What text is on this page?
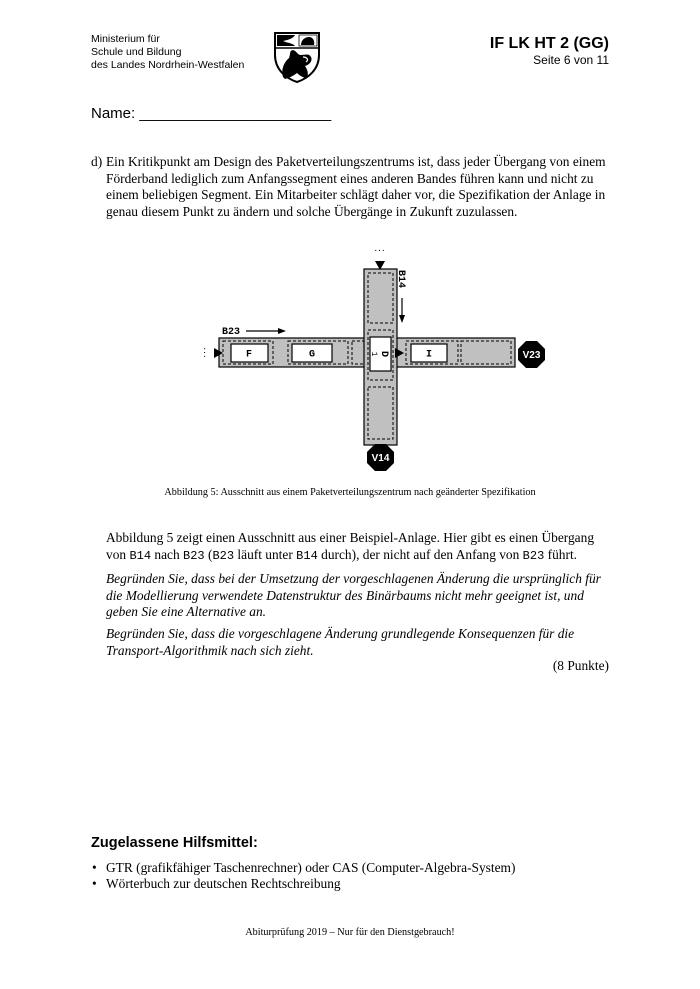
Ministerium für
Schule und Bildung
des Landes Nordrhein-Westfalen
IF LK HT 2 (GG)
Seite 6 von 11
Name: _______________________
d) Ein Kritikpunkt am Design des Paketverteilungszentrums ist, dass jeder Übergang von einem Förderband lediglich zum Anfangssegment eines anderen Bandes führen kann und nicht zu einem beliebigen Segment. Ein Mitarbeiter schlägt daher vor, die Spezifikation der Anlage in genau diesem Punkt zu ändern und solche Übergänge in Zukunft zuzulassen.
...
F	G	D
1	I
...
B23
B14
V23
V14
Abbildung 5: Ausschnitt aus einem Paketverteilungszentrum nach geänderter Spezifikation
Abbildung 5 zeigt einen Ausschnitt aus einer Beispiel-Anlage. Hier gibt es einen Übergang von B14 nach B23 (B23 läuft unter B14 durch), der nicht auf den Anfang von B23 führt.
Begründen Sie, dass bei der Umsetzung der vorgeschlagenen Änderung die ursprünglich für die Modellierung verwendete Datenstruktur des Binärbaums nicht mehr geeignet ist, und geben Sie eine Alternative an.
Begründen Sie, dass die vorgeschlagene Änderung grundlegende Konsequenzen für die Transport-Algorithmik nach sich zieht.
(8 Punkte)
Zugelassene Hilfsmittel:
• GTR (grafikfähiger Taschenrechner) oder CAS (Computer-Algebra-System)
• Wörterbuch zur deutschen Rechtschreibung
Abiturprüfung 2019 – Nur für den Dienstgebrauch!
